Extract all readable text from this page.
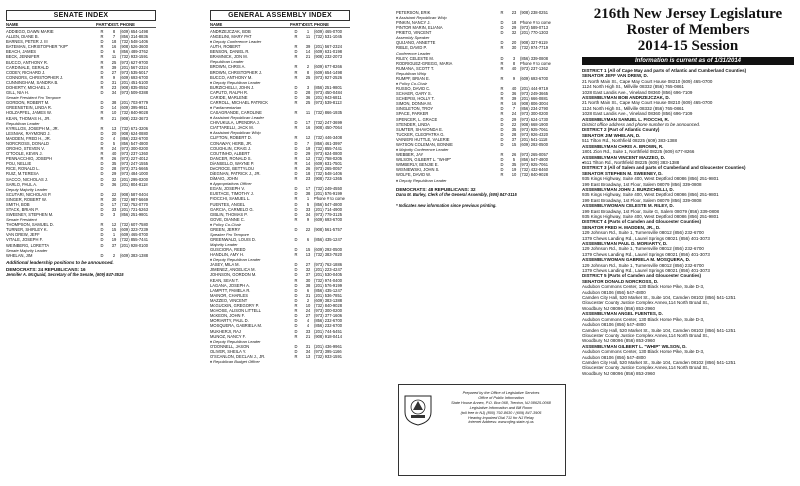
SENATE INDEX
NAME	PARTY
DIST. PHONE
ADDIEGO, DAWN MARIE	R	8	(609) 654-1498
ALLEN, DIANE B.	R	7	(856) 314-8836
BARNES, PETER J. III	D	18 (732) 548-1406
BATEMAN, CHRISTOPHER "KIP"	R	16 (908) 526-3600
BEACH, JAMES	D	6	(856) 489-3762
BECK, JENNIFER	R	11 (732) 933-1591
BUCCO, ANTHONY R.	R	25 (973) 627-9700
CARDINALE, GERALD	R	39 (201) 567-2324
CODEY, RICHARD J.	D	27 (973) 535-5017
CONNORS, CHRISTOPHER J.	R	9	(609) 693-6700
CUNNINGHAM, SANDRA B.	D	31 (201) 451-5100
DOHERTY, MICHAEL J.	R	23 (908) 835-0552
GILL, NIA H.	D	34 (973) 509-0388
Senate President Pro Tempore
GORDON, ROBERT M.	D	38 (201) 703-9779
GREENSTEIN, LINDA R.	D	14 (609) 395-9911
HOLZAPFEL, JAMES W.	R	10 (732) 840-9028
KEAN, THOMAS H., JR.	R	21 (908) 232-3673
Republican Leader
KYRILLOS, JOSEPH M., JR.	R	13 (732) 671-3206
LESNIAK, RAYMOND J.	D	20 (908) 624-0880
MADDEN, FRED H., JR.	D	4	(856) 232-6700
NORCROSS, DONALD	D	5	(856) 547-4800
OROHO, STEVEN V.	R	24 (973) 300-0200
O'TOOLE, KEVIN J.	R	40 (973) 237-1360
PENNACCHIO, JOSEPH	R	26 (973) 227-4012
POU, NELLIE	D	35 (973) 247-1555
RICE, RONALD L.	D	28 (973) 371-5665
RUIZ, M.TERESA	D	29 (973) 484-1000
SACCO, NICHOLAS J.	D	32 (201) 295-0200
SARLO, PAUL A.	D	36 (201) 804-8118
Deputy Majority Leader
SCUTARI, NICHOLAS P.	D	22 (908) 587-0404
SINGER, ROBERT W.	R	30 (732) 987-5669
SMITH, BOB	D	17 (732) 752-0770
STACK, BRIAN P.	D	33 (201) 721-5263
SWEENEY, STEPHEN M.	D	3	(856) 251-9801
Senate President
THOMPSON, SAMUEL D.	R	12 (732) 607-7580
TURNER, SHIRLEY K.	D	15 (609) 323-7239
VAN DREW, JEFF	D	1	(609) 465-0700
VITALE, JOSEPH F.	D	19 (732) 855-7441
WEINBERG, LORETTA	D	37 (201) 928-0100
Senate Majority Leader
WHELAN, JIM	D	2	(609) 383-1388
Additional leadership positions to be announced.
DEMOCRATS: 24 REPUBLICANS: 16
Jennifer A. McQuaid, Secretary of the Senate, (609) 847-3515
GENERAL ASSEMBLY INDEX
NAME	PARTY
DIST. PHONE
ANDRZEJCZAK, BOB	D	1	(609) 465-0700
ANGELINI, MARY PAT	R	11 (732) 531-1045
♦ Deputy Conference Leader
AUTH, ROBERT	R	39 (201) 567-2324
BENSON, DANIEL R.	D	14 (609) 631-0198
BRAMNICK, JON M.	R	21 (908) 232-2073
Republican Leader
BROWN, CHRIS A.	R	2	(609) 677-8266
BROWN, CHRISTOPHER J.	R	8	(609) 654-1498
BUCCO, ANTHONY M.	R	25 (973) 927-2526
♦ Deputy Republican Leader
BURZICHELLI, JOHN J.	D	3	(856) 251-9801
CAPUTO, RALPH R.	D	28 (973) 450-0484
CARIDE, MARLENE	D	36 (201) 943-6811
CARROLL, MICHAEL PATRICK	R	25 (973) 539-8113
♦ Parliamentarian
CASAGRANDE, CAROLINE	R	11 (732) 866-1935
♦ Assistant Republican Leader
CHIVUKULA, UPENDRA J.	D	17 (732) 247-3699
CIATTARELLI, JACK M.	R	16 (908) 450-7064
♦ Assistant Republican Whip
CLIFTON, ROBERT D.	R	12 (732) 446-3408
CONAWAY, HERB, JR.	D	7	(856) 461-3997
COUGHLIN, CRAIG J.	D	19 (732) 855-7441
COUTINHO, ALBERT	D	29 (973) 624-0800
DANCER, RONALD S.	R	12 (732) 758-0205
DiANSELLO, WAYNE P.	R	14 (609) 631-7501
DeCROCE, BETTYLOU	R	26 (973) 265-0057
DiEGNAN, PATRICK J., JR.	D	18 (732) 548-1406
DiMAIO, JOHN	R	23 (908) 722-1365
♦ Appropriations Officer
EGAN, JOSEPH V.	D	17 (732) 249-4550
EUSTACE, TIMOTHY J.	D	38 (201) 576-9199
FIOCCHI, SAMUEL L.	R	1	Phone # to come
FUENTES, ANGEL	D	5	(856) 547-4800
GARCIA, CARMELO G.	D	33 (201) 714-4900
GIBLIN, THOMAS P.	D	34 (973) 779-3125
GOVE, DIANNE C.	R	9	(609) 693-6700
♦ Policy Co-Chair
GREEN, JERRY	D	22 (908) 561-5757
Speaker Pro Tempore
GREENWALD, LOUIS D.	D	6	(856) 435-1247
Majority Leader
GUSCIORA, REED	D	15 (609) 292-0500
HANDLIN, AMY H.	R	13 (732) 383-7820
♦ Deputy Republican Leader
JASEY, MILA M.	D	27 (973) 762-1886
JIMENEZ, ANGELICA M.	D	32 (201) 223-4247
JOHNSON, GORDON M.	D	37 (201) 530-0405
KEAN, SEAN T.	R	30 (732) 974-0400
LAGANA, JOSEPH A.	D	38 (201) 576-9199
LAMPITT, PAMELA R.	D	6	(856) 435-1247
MAINOR, CHARLES	D	31 (201) 536-7851
MAZZEO, VINCENT	D	2	(609) 383-1388
McGUCKIN, GREGORY P.	R	10 (732) 840-9028
McHOSE, ALISON LITTELL	R	24 (973) 300-0200
McKEON, JOHN F.	D	27 (973) 377-1606
MORIARTY, PAUL D.	D	4	(856) 232-6700
MOSQUERA, GABRIELA M.	D	4	(856) 232-6700
MUKHERJI, RAJ	D	33 (201) 744-5451
MUNOZ, NANCY F.	R	21 (908) 918-0414
♦ Deputy Republican Leader
O'DONNELL, JASON	D	31 (201) 436-9961
OLIVER, SHEILA Y.	D	34 (973) 395-1166
O'SCANLON, DECLAN J., JR.	R	13 (732) 933-1591
♦ Republican Budget Officer
PETERSON, ERIK	R	23 (908) 238-0251
♦ Assistant Republican Whip
PINKIN, NANCY J.	D	18 Phone # to come
PINTOR MARIN, ELIANA	D	29 (973) 589-0713
PRIETO, VINCENT	D	32 (201) 770-1303
Assembly Speaker
QUIJANO, ANNETTE	D	20 (908) 327-9119
RIBLE, DAVID P.	R	30 (732) 974-7719
Conference Leader
RILEY, CELESTE M.	D	3	(856) 339-0808
RODRIGUEZ-GREGG, MARIA	R	8	Phone # to come
RUMANA, SCOTT T.	R	40 (973) 237-1362
Republican Whip
RUMPF, BRIAN E.	R	9	(609) 693-6700
♦ Policy Co-Chair
RUSSO, DAVID C.	R	40 (201) 444-9719
SCHAER, GARY S.	D	36 (973) 249-3665
SCHEPISI, HOLLY T.	R	39 (201) 666-0881
SIMON, DONNA M.	R	16 (908) 806-3004
SINGLETON, TROY	D	7	(856) 234-2790
SPACE, PARKER	R	24 (973) 300-0200
SPENCER, L. GRACE	D	29 (973) 624-1730
STENDER, LINDA	D	22 (908) 668-1900
SUMTER, SHAVONDA E.	D	35 (973) 925-7061
TUCKER, CLEOPATRA G.	D	28 (973) 926-4320
VAINIERI HUTTLE, VALERIE	D	37 (201) 541-1118
WATSON COLEMAN, BONNIE	D	15 (609) 292-0500
♦ Majority Conference Leader
WEBBER, JAY	R	26 (973) 265-0057
WILSON, GILBERT L. "WHIP"	D	5	(856) 547-4800
WIMBERLY, BENJIE E.	D	35 (973) 925-7061
WISNIEWSKI, JOHN S.	D	19 (732) 432-8460
WOLFE, DAVID W.	R	10 (732) 840-9028
♦ Deputy Republican Leader
DEMOCRATS: 48 REPUBLICANS: 32
Dana M. Burley, Clerk of the General Assembly, (609) 847-3115
* Indicates new information since previous printing.
Prepared by the Office of Legislative Services
Office of Public Information
State House Annex, P.O. Box 068, Trenton, NJ 08625-0068
Legislative Information and Bill Room
(toll free in NJ) (800) 792-8630 / (609) 847-3905
Hearing Impaired Dial 711 for NJ Relay
Internet Address: www.njleg.state.nj.us
216th New Jersey Legislature
Roster of Members
2014-15 Session
Information is current as of 1/31/2014
DISTRICT 1 (All of Cape May and parts of Atlantic and Cumberland Counties)
SENATOR JEFF VAN DREW, D.
21 North Main St., Cape May Court House 08210 (609) 465-0700
1124 North High St., Millville 08332 (856) 765-0861
1028 East Landis Ave., Vineland 08360 (856) 696-7109
ASSEMBLYMAN BOB ANDRZEJCZAK, D.
21 North Main St., Cape May Court House 08210 (609) 465-0700
1124 North High St., Millville 08332 (856) 765-0861
1028 East Landis Ave., Vineland 08360 (856) 696-7109
ASSEMBLYMAN SAMUEL L. FIOCCHI, R.
District office address and phone number to be announced.
DISTRICT 2 (Part of Atlantic County)
SENATOR JIM WHELAN, D.
511 Tilton Rd., Northfield 08225 (609) 383-1388
ASSEMBLYMAN CHRIS A. BROWN, R.
1801 Zion Rd., Suite 1, Northfield 08225 (609) 677-8266
ASSEMBLYMAN VINCENT MAZZEO, D.
♦511 Tilton Rd., Northfield 08225 (609) 383-1388
DISTRICT 3 (All of Salem and parts of Cumberland and Gloucester Counties)
SENATOR STEPHEN M. SWEENEY, D.
935 Kings Highway, Suite 400, West Deptford 08086 (856) 251-9801
199 East Broadway, 1st Floor, Salem 08079 (856) 339-0808
ASSEMBLYMAN JOHN J. BURZICHELLI, D.
935 Kings Highway, Suite 400, West Deptford 08086 (856) 251-9801
199 East Broadway, 1st Floor, Salem 08079 (856) 339-0808
ASSEMBLYWOMAN CELESTE M. RILEY, D.
199 East Broadway, 1st Floor, Suite G, Salem 08079 (856) 339-0808
935 Kings Highway, Suite 400, West Deptford 08086 (856) 251-9801
DISTRICT 4 (Parts of Camden and Gloucester Counties)
SENATOR FRED H. MADDEN, JR., D.
129 Johnson Rd., Suite 1, Turnersville 08012 (856) 232-6700
1379 Chews Landing Rd., Laurel Springs 08021 (856) 401-3073
ASSEMBLYMAN PAUL D. MORIARTY, D.
129 Johnson Rd., Suite 1, Turnersville 08012 (856) 232-6700
1379 Chews Landing Rd., Laurel Springs 08021 (856) 401-3073
ASSEMBLYWOMAN GABRIELA M. MOSQUERA, D.
129 Johnson Rd., Suite 1, Turnersville 08012 (856) 232-6700
1379 Chews Landing Rd., Laurel Springs 08021 (856) 401-3073
DISTRICT 5 (Parts of Camden and Gloucester Counties)
SENATOR DONALD NORCROSS, D.
Audubon Commons Center, 130 Black Horse Pike, Suite D-3,
Audubon 08106 (856) 547-4800
Camden City Hall, 520 Market St., Suite 104, Camden 08102 (856) 541-1251
Gloucester County Justice Complex Annex,114 North Broad St.,
Woodbury NJ 08096 (856) 853-2960
ASSEMBLYMAN ANGEL FUENTES, D.
Audubon Commons Center, 130 Black Horse Pike, Suite D-3,
Audubon 08106 (856) 547-4800
Camden City Hall, 520 Market St., Suite 104, Camden 08102 (856) 541-1251
Gloucester County Justice Complex Annex,114 North Broad St.,
Woodbury NJ 08096 (856) 853-2960
ASSEMBLYMAN GILBERT L. "WHIP" WILSON, D.
Audubon Commons Center, 130 Black Horse Pike, Suite D-3,
Audubon 08106 (856) 547-4800
Camden City Hall, 520 Market St., Suite 104, Camden 08102 (856) 541-1251
Gloucester County Justice Complex Annex,114 North Broad St.,
Woodbury NJ 08096 (856) 853-2960
